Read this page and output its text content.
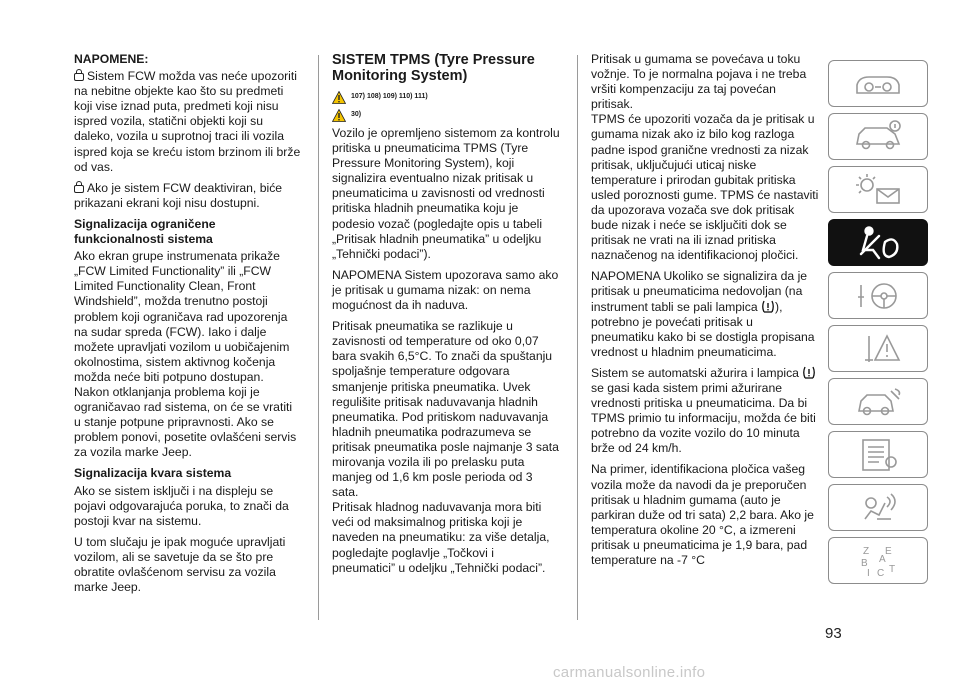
NAPOMENE:

Sistem FCW možda vas neće upozoriti na nebitne objekte kao što su predmeti koji vise iznad puta, predmeti koji nisu ispred vozila, statični objekti koji su daleko, vozila u suprotnoj traci ili vozila ispred koja se kreću istom brzinom ili brže od vas.

Ako je sistem FCW deaktiviran, biće prikazani ekrani koji nisu dostupni.

Signalizacija ograničene funkcionalnosti sistema

Ako ekran grupe instrumenata prikaže „FCW Limited Functionality” ili „FCW Limited Functionality Clean, Front Windshield”, možda trenutno postoji problem koji ograničava rad upozorenja na sudar spreda (FCW). Iako i dalje možete upravljati vozilom u uobičajenim okolnostima, sistem aktivnog kočenja možda neće biti potpuno dostupan. Nakon otklanjanja problema koji je ograničavao rad sistema, on će se vratiti u stanje potpune pripravnosti. Ako se problem ponovi, posetite ovlašćeni servis za vozila marke Jeep.

Signalizacija kvara sistema

Ako se sistem isključi i na displeju se pojavi odgovarajuća poruka, to znači da postoji kvar na sistemu.

U tom slučaju je ipak moguće upravljati vozilom, ali se savetuje da se što pre obratite ovlašćenom servisu za vozila marke Jeep.

SISTEM TPMS (Tyre Pressure Monitoring System)
107) 108) 109) 110) 111)
30)

Vozilo je opremljeno sistemom za kontrolu pritiska u pneumaticima TPMS (Tyre Pressure Monitoring System), koji signalizira eventualno nizak pritisak u pneumaticima u zavisnosti od vrednosti pritiska hladnih pneumatika koju je podesio vozač (pogledajte opis u tabeli „Pritisak hladnih pneumatika” u odeljku „Tehnički podaci”).

NAPOMENA Sistem upozorava samo ako je pritisak u gumama nizak: on nema mogućnost da ih naduva.

Pritisak pneumatika se razlikuje u zavisnosti od temperature od oko 0,07 bara svakih 6,5°C. To znači da spuštanju spoljašnje temperature odgovara smanjenje pritiska pneumatika. Uvek regulišite pritisak naduvavanja hladnih pneumatika. Pod pritiskom naduvavanja hladnih pneumatika podrazumeva se pritisak pneumatika posle najmanje 3 sata mirovanja vozila ili po prelasku puta manjeg od 1,6 km posle perioda od 3 sata.

Pritisak hladnog naduvavanja mora biti veći od maksimalnog pritiska koji je naveden na pneumatiku: za više detalja, pogledajte poglavlje „Točkovi i pneumatici” u odeljku „Tehnički podaci”.

Pritisak u gumama se povećava u toku vožnje. To je normalna pojava i ne treba vršiti kompenzaciju za taj povećan pritisak.

TPMS će upozoriti vozača da je pritisak u gumama nizak ako iz bilo kog razloga padne ispod granične vrednosti za nizak pritisak, uključujući uticaj niske temperature i prirodan gubitak pritiska usled poroznosti gume. TPMS će nastaviti da upozorava vozača sve dok pritisak bude nizak i neće se isključiti dok se pritisak ne vrati na ili iznad pritiska naznačenog na identifikacionoj pločici.

NAPOMENA Ukoliko se signalizira da je pritisak u pneumaticima nedovoljan (na instrument tabli se pali lampica ), potrebno je povećati pritisak u pneumatiku kako bi se dostigla propisana vrednost u hladnim pneumaticima.

Sistem se automatski ažurira i lampica  se gasi kada sistem primi ažurirane vrednosti pritiska u pneumaticima. Da bi TPMS primio tu informaciju, možda će biti potrebno da vozite vozilo do 10 minuta brže od 24 km/h.

Na primer, identifikaciona pločica vašeg vozila može da navodi da je preporučen pritisak u hladnim gumama (auto je parkiran duže od tri sata) 2,2 bara. Ako je temperatura okoline 20 °C, a izmereni pritisak u pneumaticima je 1,9 bara, pad temperature na -7 °C

Z E
B A
I C T
93
carmanualsonline.info
